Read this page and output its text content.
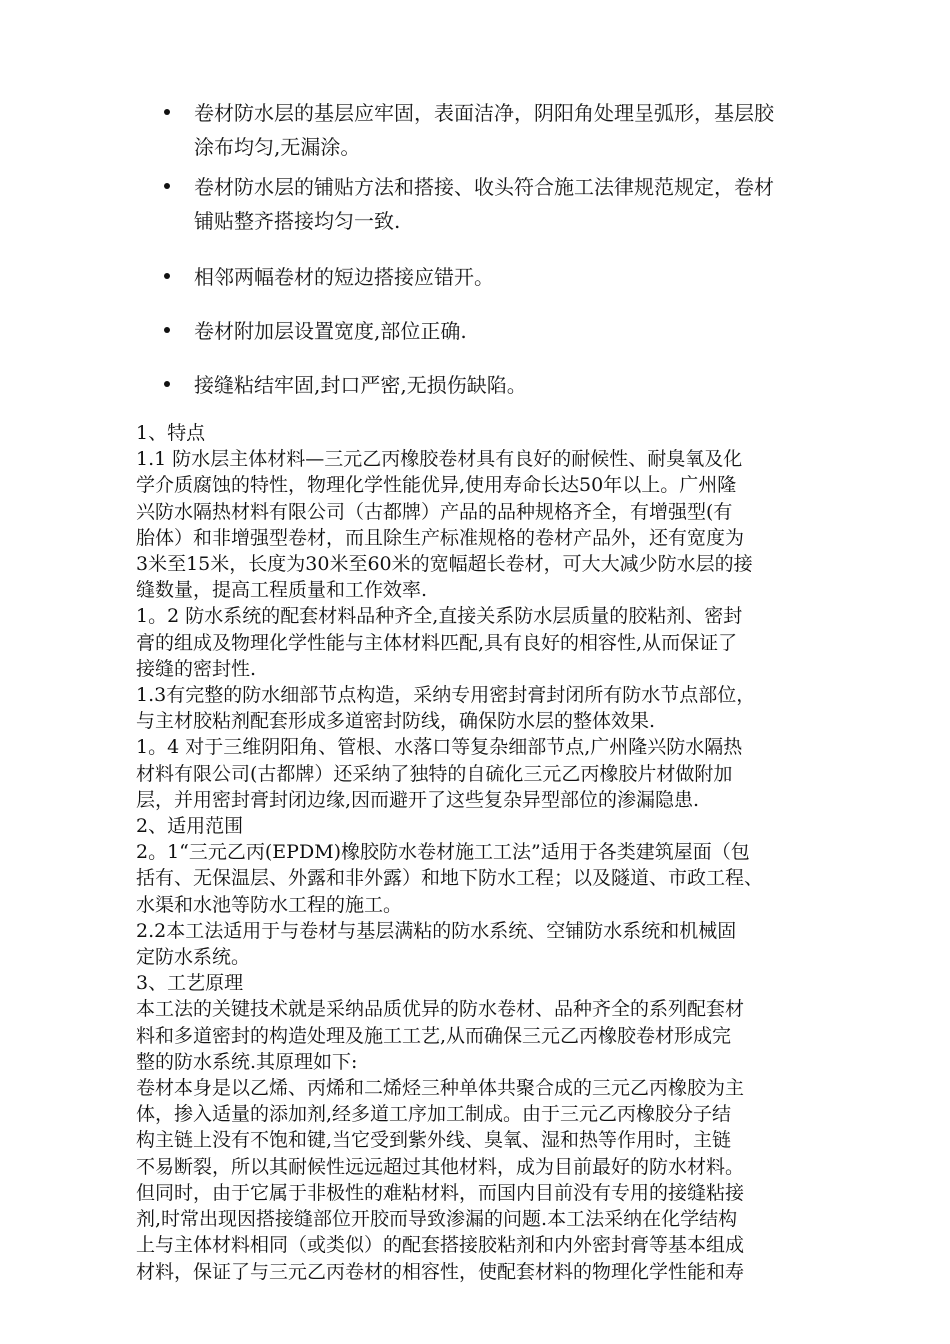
卷材防水层的基层应牢固，表面洁净，阴阳角处理呈弧形，基层胶
涂布均匀,无漏涂。
卷材防水层的铺贴方法和搭接、收头符合施工法律规范规定，卷材
铺贴整齐搭接均匀一致.
相邻两幅卷材的短边搭接应错开。
卷材附加层设置宽度,部位正确.
接缝粘结牢固,封口严密,无损伤缺陷。

1、特点

1.1 防水层主体材料—三元乙丙橡胶卷材具有良好的耐候性、耐臭氧及化
学介质腐蚀的特性，物理化学性能优异,使用寿命长达50年以上。广州隆
兴防水隔热材料有限公司（古都牌）产品的品种规格齐全，有增强型(有
胎体）和非增强型卷材，而且除生产标准规格的卷材产品外，还有宽度为
3米至15米，长度为30米至60米的宽幅超长卷材，可大大减少防水层的接
缝数量，提高工程质量和工作效率.

1。2 防水系统的配套材料品种齐全,直接关系防水层质量的胶粘剂、密封
膏的组成及物理化学性能与主体材料匹配,具有良好的相容性,从而保证了
接缝的密封性.

1.3有完整的防水细部节点构造，采纳专用密封膏封闭所有防水节点部位，
与主材胶粘剂配套形成多道密封防线，确保防水层的整体效果.

1。4 对于三维阴阳角、管根、水落口等复杂细部节点,广州隆兴防水隔热
材料有限公司(古都牌）还采纳了独特的自硫化三元乙丙橡胶片材做附加
层，并用密封膏封闭边缘,因而避开了这些复杂异型部位的渗漏隐患.

2、适用范围

2。1“三元乙丙(EPDM)橡胶防水卷材施工工法”适用于各类建筑屋面（包
括有、无保温层、外露和非外露）和地下防水工程；以及隧道、市政工程、
水渠和水池等防水工程的施工。

2.2本工法适用于与卷材与基层满粘的防水系统、空铺防水系统和机械固
定防水系统。

3、工艺原理

本工法的关键技术就是采纳品质优异的防水卷材、品种齐全的系列配套材
料和多道密封的构造处理及施工工艺,从而确保三元乙丙橡胶卷材形成完
整的防水系统.其原理如下:

卷材本身是以乙烯、丙烯和二烯烃三种单体共聚合成的三元乙丙橡胶为主
体，掺入适量的添加剂,经多道工序加工制成。由于三元乙丙橡胶分子结
构主链上没有不饱和键,当它受到紫外线、臭氧、湿和热等作用时，主链
不易断裂，所以其耐候性远远超过其他材料，成为目前最好的防水材料。
但同时，由于它属于非极性的难粘材料，而国内目前没有专用的接缝粘接
剂,时常出现因搭接缝部位开胶而导致渗漏的问题.本工法采纳在化学结构
上与主体材料相同（或类似）的配套搭接胶粘剂和内外密封膏等基本组成
材料，保证了与三元乙丙卷材的相容性，使配套材料的物理化学性能和寿
